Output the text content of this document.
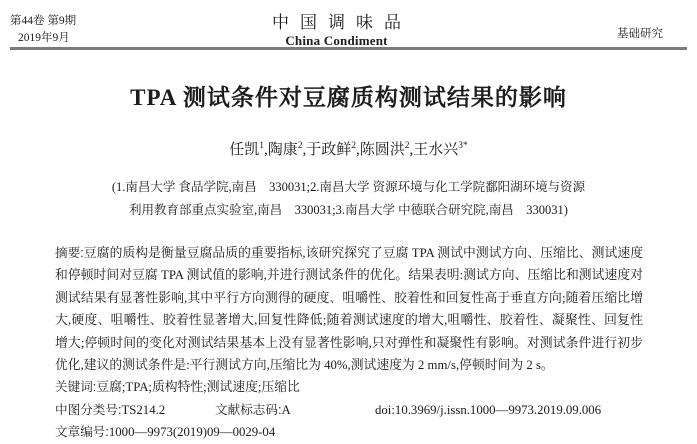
第44卷 第9期
2019年9月
中国调味品
China Condiment	基础研究
TPA 测试条件对豆腐质构测试结果的影响
任凯$^1$,陶康$^2$,于政鲜$^2$,陈圆洪$^2$,王水兴$^{3*}$
(1.南昌大学 食品学院,南昌　330031;2.南昌大学 资源环境与化工学院鄱阳湖环境与资源
利用教育部重点实验室,南昌　330031;3.南昌大学 中德联合研究院,南昌　330031)

摘要:豆腐的质构是衡量豆腐品质的重要指标,该研究探究了豆腐 TPA 测试中测试方向、压缩比、测试速度和停顿时间对豆腐 TPA 测试值的影响,并进行测试条件的优化。结果表明:测试方向、压缩比和测试速度对测试结果有显著性影响,其中平行方向测得的硬度、咀嚼性、胶着性和回复性高于垂直方向;随着压缩比增大,硬度、咀嚼性、胶着性显著增大,回复性降低;随着测试速度的增大,咀嚼性、胶着性、凝聚性、回复性增大;停顿时间的变化对测试结果基本上没有显著性影响,只对弹性和凝聚性有影响。对测试条件进行初步优化,建议的测试条件是:平行测试方向,压缩比为 40%,测试速度为 2 mm/s,停顿时间为 2 s。

关键词:豆腐;TPA;质构特性;测试速度;压缩比

中图分类号:TS214.2	文献标志码:A	doi:10.3969/j.issn.1000—9973.2019.09.006

文章编号:1000—9973(2019)09—0029-04
